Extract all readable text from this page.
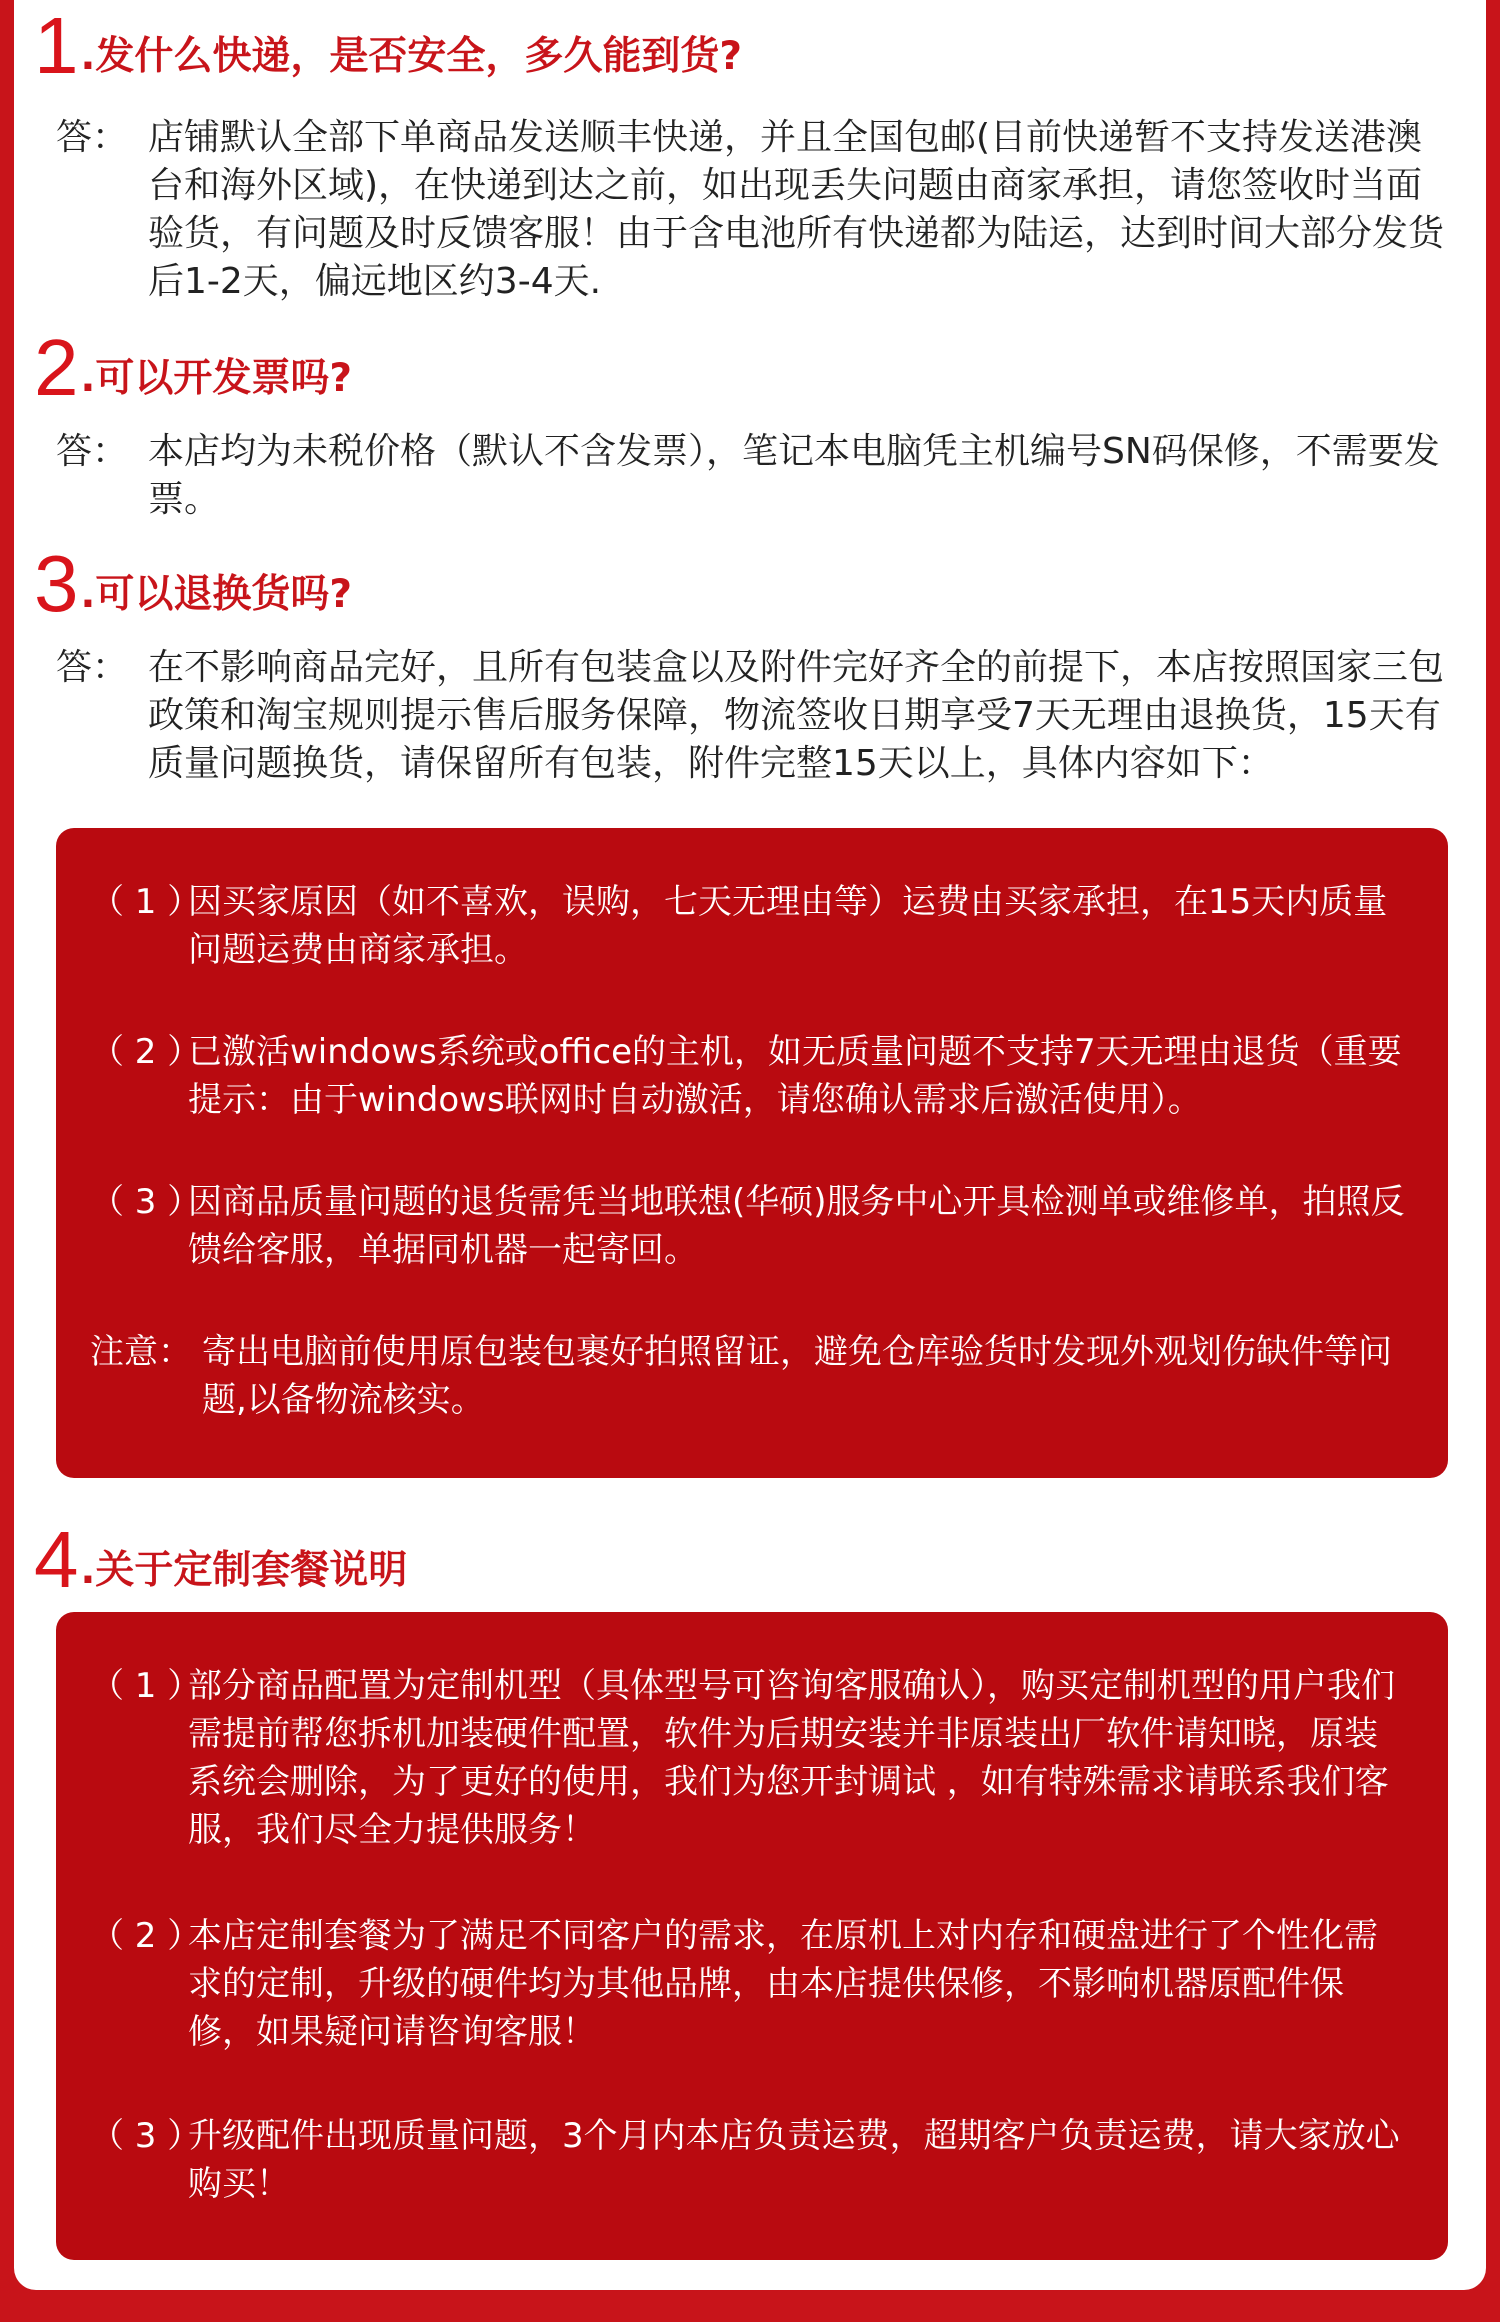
1 .发什么快递，是否安全，多久能到货?
答： 店铺默认全部下单商品发送顺丰快递，并且全国包邮(目前快递暂不支持发送港澳台和海外区域)，在快递到达之前，如出现丢失问题由商家承担，请您签收时当面验货，有问题及时反馈客服！由于含电池所有快递都为陆运，达到时间大部分发货后1-2天，偏远地区约3-4天.
2 .可以开发票吗?
答： 本店均为未税价格（默认不含发票），笔记本电脑凭主机编号SN码保修，不需要发票。
3 .可以退换货吗?
答： 在不影响商品完好，且所有包装盒以及附件完好齐全的前提下，本店按照国家三包政策和淘宝规则提示售后服务保障，物流签收日期享受7天无理由退换货，15天有质量问题换货，请保留所有包装，附件完整15天以上，具体内容如下：
（ 1 ）
因买家原因（如不喜欢，误购，七天无理由等）运费由买家承担，在15天内质量问题运费由商家承担。
（ 2 ）
已激活windows系统或office的主机，如无质量问题不支持7天无理由退货（重要提示：由于windows联网时自动激活，请您确认需求后激活使用）。
（ 3 ）
因商品质量问题的退货需凭当地联想(华硕)服务中心开具检测单或维修单，拍照反馈给客服，单据同机器一起寄回。
注意： 寄出电脑前使用原包装包裹好拍照留证，避免仓库验货时发现外观划伤缺件等问题,以备物流核实。
4 .关于定制套餐说明
（ 1 ）
部分商品配置为定制机型（具体型号可咨询客服确认），购买定制机型的用户我们需提前帮您拆机加装硬件配置，软件为后期安装并非原装出厂软件请知晓，原装系统会删除，为了更好的使用，我们为您开封调试 ，如有特殊需求请联系我们客服，我们尽全力提供服务！
（ 2 ）
本店定制套餐为了满足不同客户的需求，在原机上对内存和硬盘进行了个性化需求的定制，升级的硬件均为其他品牌，由本店提供保修，不影响机器原配件保修，如果疑问请咨询客服！
（ 3 ）
升级配件出现质量问题，3个月内本店负责运费，超期客户负责运费，请大家放心购买！
